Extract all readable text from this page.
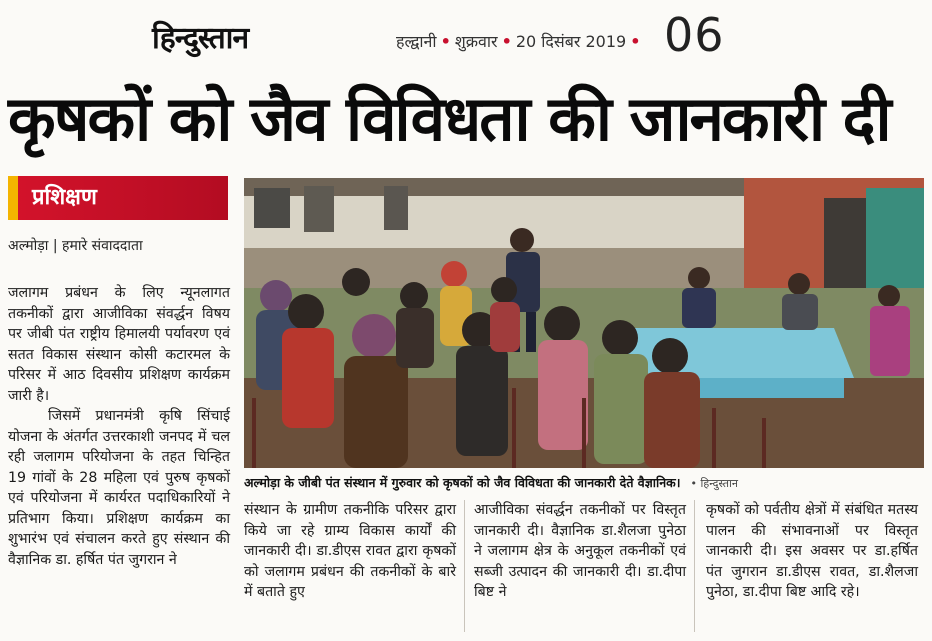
हिन्दुस्तान	हल्द्वानी • शुक्रवार • 20 दिसंबर 2019 • 06
कृषकों को जैव विविधता की जानकारी दी
प्रशिक्षण
अल्मोड़ा | हमारे संवाददाता

जलागम प्रबंधन के लिए न्यूनलागत तकनीकों द्वारा आजीविका संवर्द्धन विषय पर जीबी पंत राष्ट्रीय हिमालयी पर्यावरण एवं सतत विकास संस्थान कोसी कटारमल के परिसर में आठ दिवसीय प्रशिक्षण कार्यक्रम जारी है।

जिसमें प्रधानमंत्री कृषि सिंचाई योजना के अंतर्गत उत्तरकाशी जनपद में चल रही जलागम परियोजना के तहत चिन्हित 19 गांवों के 28 महिला एवं पुरुष कृषकों एवं परियोजना में कार्यरत पदाधिकारियों ने प्रतिभाग किया। प्रशिक्षण कार्यक्रम का शुभारंभ एवं संचालन करते हुए संस्थान की वैज्ञानिक डा. हर्षित पंत जुगरान ने

अल्मोड़ा के जीबी पंत संस्थान में गुरुवार को कृषकों को जैव विविधता की जानकारी देते वैज्ञानिक। • हिन्दुस्तान
संस्थान के ग्रामीण तकनीकि परिसर द्वारा किये जा रहे ग्राम्य विकास कार्यों की जानकारी दी। डा.डीएस रावत द्वारा कृषकों को जलागम प्रबंधन की तकनीकों के बारे में बताते हुए
आजीविका संवर्द्धन तकनीकों पर विस्तृत जानकारी दी। वैज्ञानिक डा.शैलजा पुनेठा ने जलागम क्षेत्र के अनुकूल तकनीकों एवं सब्जी उत्पादन की जानकारी दी। डा.दीपा बिष्ट ने
कृषकों को पर्वतीय क्षेत्रों में संबंधित मतस्य पालन की संभावनाओं पर विस्तृत जानकारी दी। इस अवसर पर डा.हर्षित पंत जुगरान डा.डीएस रावत, डा.शैलजा पुनेठा, डा.दीपा बिष्ट आदि रहे।
